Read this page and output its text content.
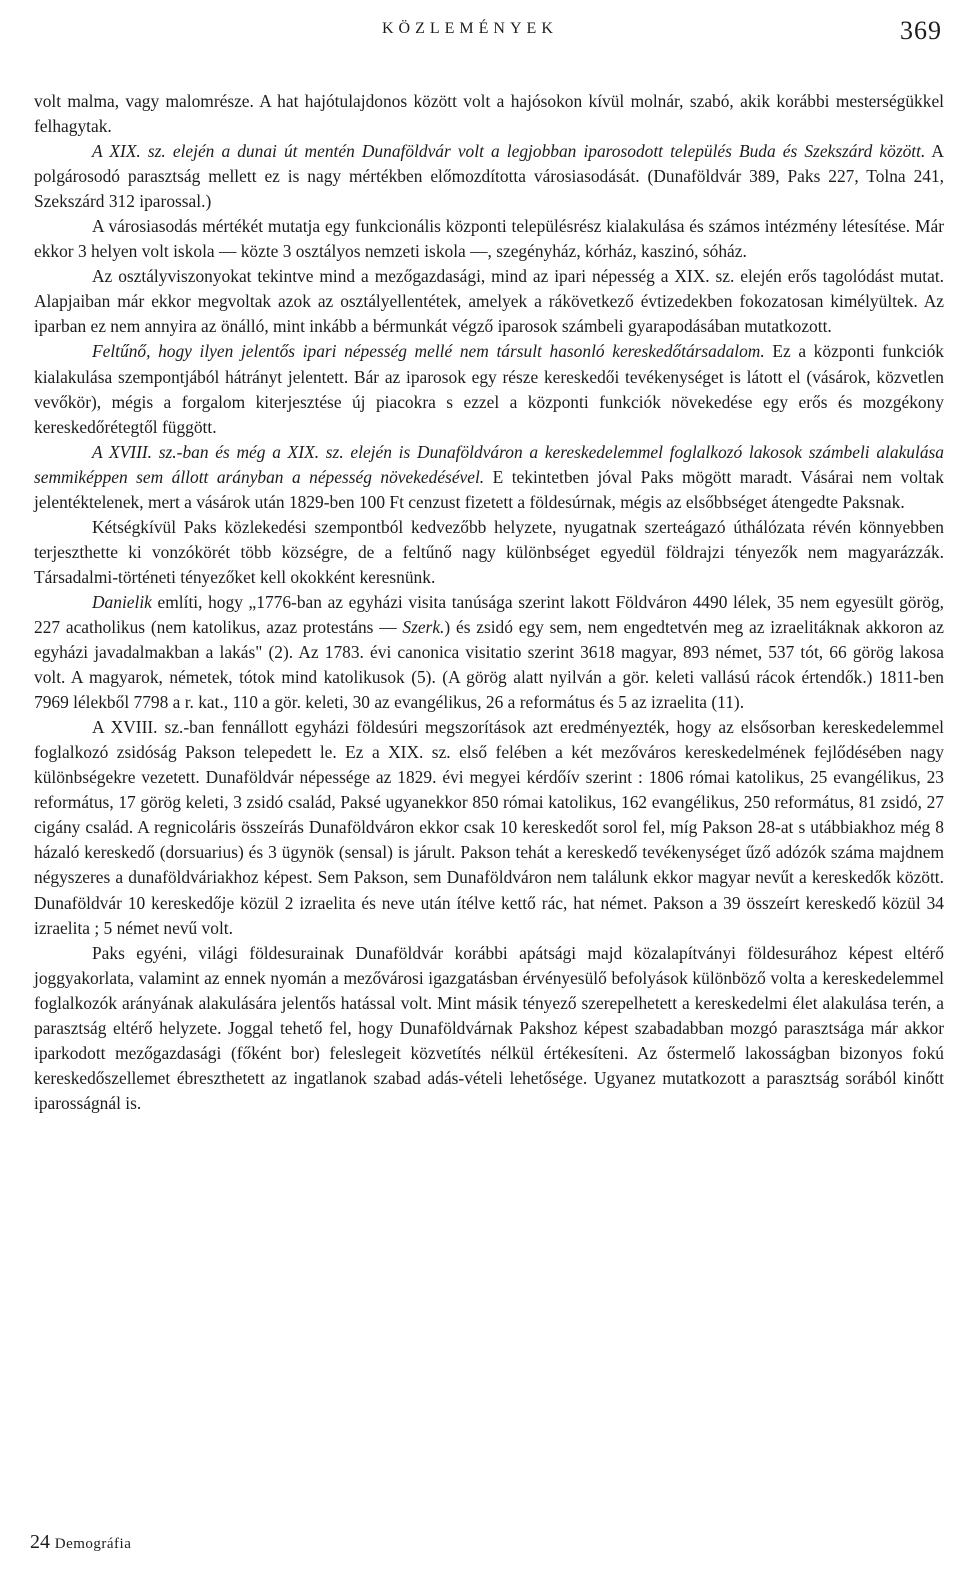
KÖZLEMÉNYEK	369

volt malma, vagy malomrésze. A hat hajótulajdonos között volt a hajósokon kívül molnár, szabó, akik korábbi mesterségükkel felhagytak.

A XIX. sz. elején a dunai út mentén Dunaföldvár volt a legjobban iparosodott település Buda és Szekszárd között. A polgárosodó parasztság mellett ez is nagy mértékben előmozdította városiasodását. (Dunaföldvár 389, Paks 227, Tolna 241, Szekszárd 312 iparossal.)

A városiasodás mértékét mutatja egy funkcionális központi településrész kialakulása és számos intézmény létesítése. Már ekkor 3 helyen volt iskola — közte 3 osztályos nemzeti iskola —, szegényház, kórház, kaszinó, sóház.

Az osztályviszonyokat tekintve mind a mezőgazdasági, mind az ipari népesség a XIX. sz. elején erős tagolódást mutat. Alapjaiban már ekkor megvoltak azok az osztályellentétek, amelyek a rákövetkező évtizedekben fokozatosan kimélyültek. Az iparban ez nem annyira az önálló, mint inkább a bérmunkát végző iparosok számbeli gyarapodásában mutatkozott.

Feltűnő, hogy ilyen jelentős ipari népesség mellé nem társult hasonló kereskedőtársadalom. Ez a központi funkciók kialakulása szempontjából hátrányt jelentett. Bár az iparosok egy része kereskedői tevékenységet is látott el (vásárok, közvetlen vevőkör), mégis a forgalom kiterjesztése új piacokra s ezzel a központi funkciók növekedése egy erős és mozgékony kereskedőrétegtől függött.

A XVIII. sz.-ban és még a XIX. sz. elején is Dunaföldváron a kereskedelemmel foglalkozó lakosok számbeli alakulása semmiképpen sem állott arányban a népesség növekedésével. E tekintetben jóval Paks mögött maradt. Vásárai nem voltak jelentéktelenek, mert a vásárok után 1829-ben 100 Ft cenzust fizetett a földesúrnak, mégis az elsőbbséget átengedte Paksnak.

Kétségkívül Paks közlekedési szempontból kedvezőbb helyzete, nyugatnak szerteágazó úthálózata révén könnyebben terjeszthette ki vonzókörét több községre, de a feltűnő nagy különbséget egyedül földrajzi tényezők nem magyarázzák. Társadalmi-történeti tényezőket kell okokként keresnünk.

Danielik említi, hogy „1776-ban az egyházi visita tanúsága szerint lakott Földváron 4490 lélek, 35 nem egyesült görög, 227 acatholikus (nem katolikus, azaz protestáns — Szerk.) és zsidó egy sem, nem engedtetvén meg az izraelitáknak akkoron az egyházi javadalmakban a lakás" (2). Az 1783. évi canonica visitatio szerint 3618 magyar, 893 német, 537 tót, 66 görög lakosa volt. A magyarok, németek, tótok mind katolikusok (5). (A görög alatt nyilván a gör. keleti vallású rácok értendők.) 1811-ben 7969 lélekből 7798 a r. kat., 110 a gör. keleti, 30 az evangélikus, 26 a református és 5 az izraelita (11).

A XVIII. sz.-ban fennállott egyházi földesúri megszorítások azt eredményezték, hogy az elsősorban kereskedelemmel foglalkozó zsidóság Pakson telepedett le. Ez a XIX. sz. első felében a két mezőváros kereskedelmének fejlődésében nagy különbségekre vezetett. Dunaföldvár népessége az 1829. évi megyei kérdőív szerint : 1806 római katolikus, 25 evangélikus, 23 református, 17 görög keleti, 3 zsidó család, Paksé ugyanekkor 850 római katolikus, 162 evangélikus, 250 református, 81 zsidó, 27 cigány család. A regnicoláris összeírás Dunaföldváron ekkor csak 10 kereskedőt sorol fel, míg Pakson 28-at s utábbiakhoz még 8 házaló kereskedő (dorsuarius) és 3 ügynök (sensal) is járult. Pakson tehát a kereskedő tevékenységet űző adózók száma majdnem négyszeres a dunaföldváriakhoz képest. Sem Pakson, sem Dunaföldváron nem találunk ekkor magyar nevűt a kereskedők között. Dunaföldvár 10 kereskedője közül 2 izraelita és neve után ítélve kettő rác, hat német. Pakson a 39 összeírt kereskedő közül 34 izraelita ; 5 német nevű volt.

Paks egyéni, világi földesurainak Dunaföldvár korábbi apátsági majd közalapítványi földesurához képest eltérő joggyakorlata, valamint az ennek nyomán a mezővárosi igazgatásban érvényesülő befolyások különböző volta a kereskedelemmel foglalkozók arányának alakulására jelentős hatással volt. Mint másik tényező szerepelhetett a kereskedelmi élet alakulása terén, a parasztság eltérő helyzete. Joggal tehető fel, hogy Dunaföldvárnak Pakshoz képest szabadabban mozgó parasztsága már akkor iparkodott mezőgazdasági (főként bor) feleslegeit közvetítés nélkül értékesíteni. Az őstermelő lakosságban bizonyos fokú kereskedőszellemet ébreszthetett az ingatlanok szabad adás-vételi lehetősége. Ugyanez mutatkozott a parasztság sorából kinőtt iparosságnál is.

24 Demográfia
